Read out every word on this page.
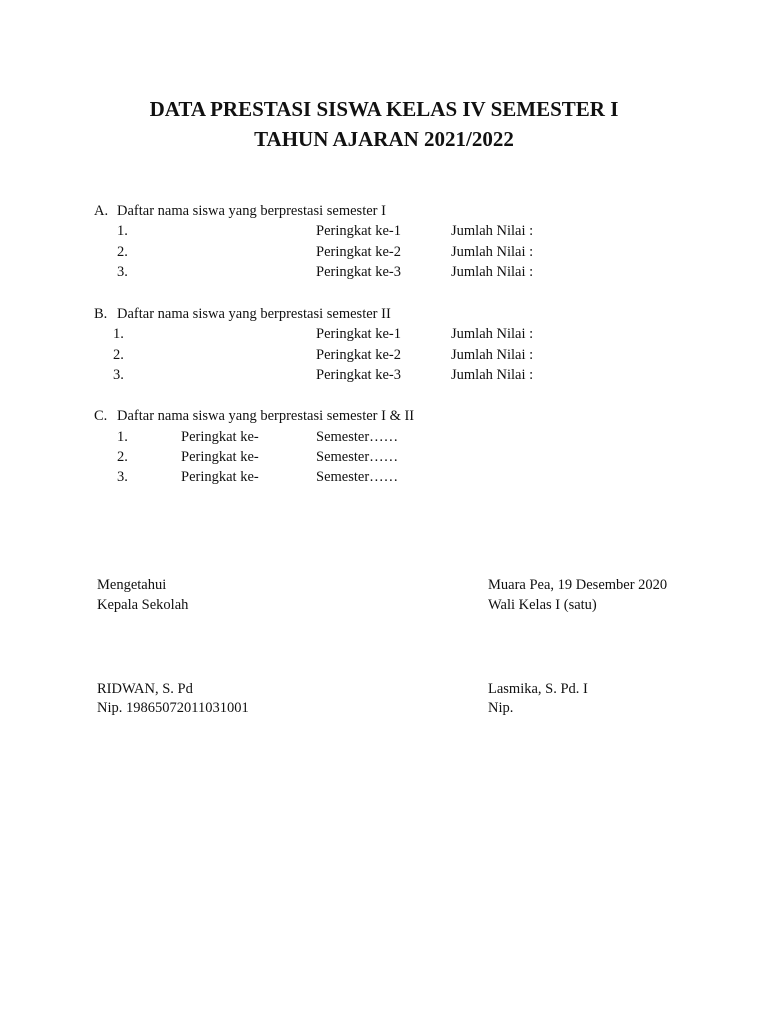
DATA PRESTASI SISWA KELAS IV SEMESTER I
TAHUN AJARAN 2021/2022
A. Daftar nama siswa yang berprestasi semester I
1.	Peringkat ke-1	Jumlah Nilai :
2.	Peringkat ke-2	Jumlah Nilai :
3.	Peringkat ke-3	Jumlah Nilai :
B. Daftar nama siswa yang berprestasi semester II
1.	Peringkat ke-1	Jumlah Nilai :
2.	Peringkat ke-2	Jumlah Nilai :
3.	Peringkat ke-3	Jumlah Nilai :
C. Daftar nama siswa yang berprestasi semester I & II
1.	Peringkat ke-	Semester……
2.	Peringkat ke-	Semester……
3.	Peringkat ke-	Semester……
Mengetahui
Kepala Sekolah
RIDWAN, S. Pd
Nip. 19865072011031001
Muara Pea, 19 Desember 2020
Wali Kelas I (satu)
Lasmika, S. Pd. I
Nip.
